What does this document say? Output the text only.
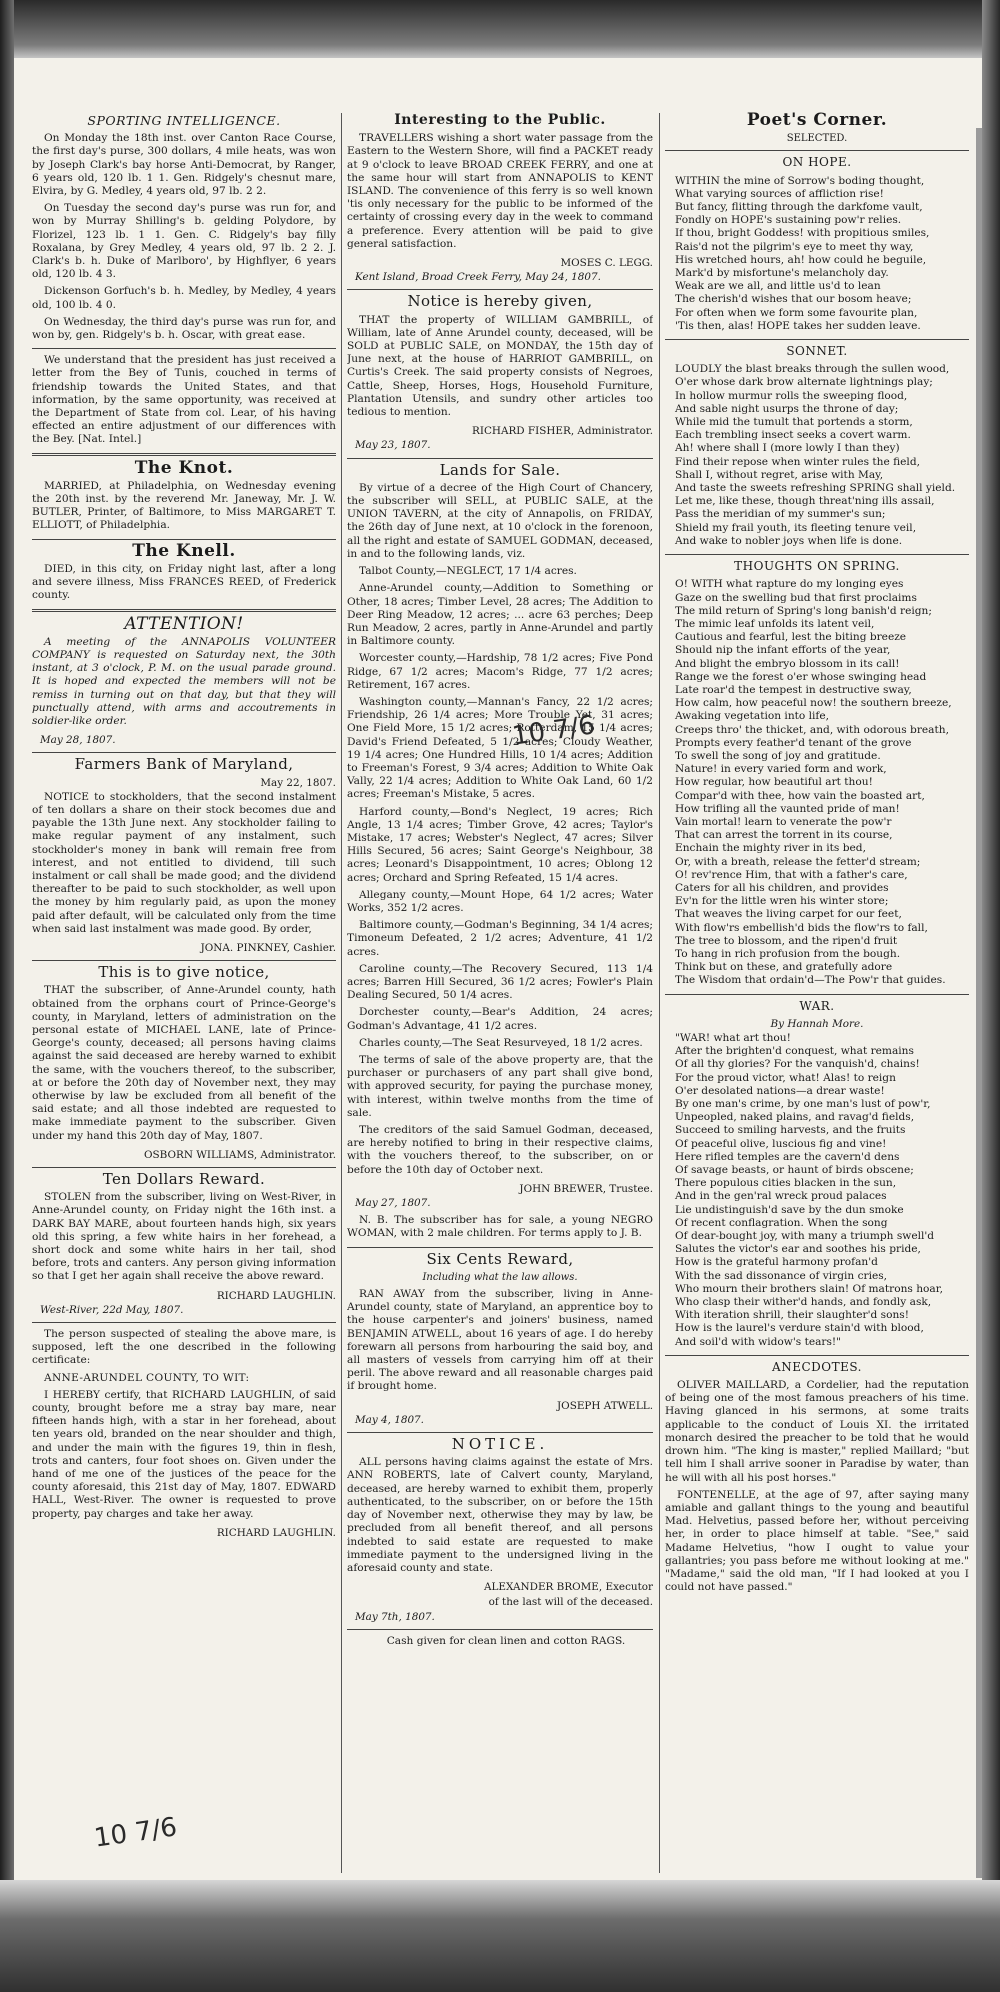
SPORTING INTELLIGENCE.

On Monday the 18th inst. over Canton Race Course, the first day's purse, 300 dollars, 4 mile heats, was won by Joseph Clark's bay horse Anti-Democrat, by Ranger, 6 years old, 120 lb. 1 1. Gen. Ridgely's chesnut mare, Elvira, by G. Medley, 4 years old, 97 lb. 2 2.

On Tuesday the second day's purse was run for, and won by Murray Shilling's b. gelding Polydore, by Florizel, 123 lb. 1 1. Gen. C. Ridgely's bay filly Roxalana, by Grey Medley, 4 years old, 97 lb. 2 2. J. Clark's b. h. Duke of Marlboro', by Highflyer, 6 years old, 120 lb. 4 3.

Dickenson Gorfuch's b. h. Medley, by Medley, 4 years old, 100 lb. 4 0.

On Wednesday, the third day's purse was run for, and won by, gen. Ridgely's b. h. Oscar, with great ease.

We understand that the president has just received a letter from the Bey of Tunis, couched in terms of friendship towards the United States, and that information, by the same opportunity, was received at the Department of State from col. Lear, of his having effected an entire adjustment of our differences with the Bey. [Nat. Intel.]

The Knot.

MARRIED, at Philadelphia, on Wednesday evening the 20th inst. by the reverend Mr. Janeway, Mr. J. W. BUTLER, Printer, of Baltimore, to Miss MARGARET T. ELLIOTT, of Philadelphia.

The Knell.

DIED, in this city, on Friday night last, after a long and severe illness, Miss FRANCES REED, of Frederick county.

ATTENTION!

A meeting of the ANNAPOLIS VOLUNTEER COMPANY is requested on Saturday next, the 30th instant, at 3 o'clock, P. M. on the usual parade ground. It is hoped and expected the members will not be remiss in turning out on that day, but that they will punctually attend, with arms and accoutrements in soldier-like order.

May 28, 1807.
Farmers Bank of Maryland,
May 22, 1807.

NOTICE to stockholders, that the second instalment of ten dollars a share on their stock becomes due and payable the 13th June next. Any stockholder failing to make regular payment of any instalment, such stockholder's money in bank will remain free from interest, and not entitled to dividend, till such instalment or call shall be made good; and the dividend thereafter to be paid to such stockholder, as well upon the money by him regularly paid, as upon the money paid after default, will be calculated only from the time when said last instalment was made good. By order,

JONA. PINKNEY, Cashier.
This is to give notice,

THAT the subscriber, of Anne-Arundel county, hath obtained from the orphans court of Prince-George's county, in Maryland, letters of administration on the personal estate of MICHAEL LANE, late of Prince-George's county, deceased; all persons having claims against the said deceased are hereby warned to exhibit the same, with the vouchers thereof, to the subscriber, at or before the 20th day of November next, they may otherwise by law be excluded from all benefit of the said estate; and all those indebted are requested to make immediate payment to the subscriber. Given under my hand this 20th day of May, 1807.

OSBORN WILLIAMS, Administrator.
Ten Dollars Reward.

STOLEN from the subscriber, living on West-River, in Anne-Arundel county, on Friday night the 16th inst. a DARK BAY MARE, about fourteen hands high, six years old this spring, a few white hairs in her forehead, a short dock and some white hairs in her tail, shod before, trots and canters. Any person giving information so that I get her again shall receive the above reward.

RICHARD LAUGHLIN.
West-River, 22d May, 1807.

The person suspected of stealing the above mare, is supposed, left the one described in the following certificate:

ANNE-ARUNDEL COUNTY, TO WIT:

I HEREBY certify, that RICHARD LAUGHLIN, of said county, brought before me a stray bay mare, near fifteen hands high, with a star in her forehead, about ten years old, branded on the near shoulder and thigh, and under the main with the figures 19, thin in flesh, trots and canters, four foot shoes on. Given under the hand of me one of the justices of the peace for the county aforesaid, this 21st day of May, 1807. EDWARD HALL, West-River. The owner is requested to prove property, pay charges and take her away.

RICHARD LAUGHLIN.
Interesting to the Public.

TRAVELLERS wishing a short water passage from the Eastern to the Western Shore, will find a PACKET ready at 9 o'clock to leave BROAD CREEK FERRY, and one at the same hour will start from ANNAPOLIS to KENT ISLAND. The convenience of this ferry is so well known 'tis only necessary for the public to be informed of the certainty of crossing every day in the week to command a preference. Every attention will be paid to give general satisfaction.

MOSES C. LEGG.
Kent Island, Broad Creek Ferry, May 24, 1807.
Notice is hereby given,

THAT the property of WILLIAM GAMBRILL, of William, late of Anne Arundel county, deceased, will be SOLD at PUBLIC SALE, on MONDAY, the 15th day of June next, at the house of HARRIOT GAMBRILL, on Curtis's Creek. The said property consists of Negroes, Cattle, Sheep, Horses, Hogs, Household Furniture, Plantation Utensils, and sundry other articles too tedious to mention.

RICHARD FISHER, Administrator.
May 23, 1807.
Lands for Sale.

By virtue of a decree of the High Court of Chancery, the subscriber will SELL, at PUBLIC SALE, at the UNION TAVERN, at the city of Annapolis, on FRIDAY, the 26th day of June next, at 10 o'clock in the forenoon, all the right and estate of SAMUEL GODMAN, deceased, in and to the following lands, viz.

Talbot County,—NEGLECT, 17 1/4 acres.

Anne-Arundel county,—Addition to Something or Other, 18 acres; Timber Level, 28 acres; The Addition to Deer Ring Meadow, 12 acres; ... acre 63 perches; Deep Run Meadow, 2 acres, partly in Anne-Arundel and partly in Baltimore county.

Worcester county,—Hardship, 78 1/2 acres; Five Pond Ridge, 67 1/2 acres; Macom's Ridge, 77 1/2 acres; Retirement, 167 acres.

Washington county,—Mannan's Fancy, 22 1/2 acres; Friendship, 26 1/4 acres; More Trouble Yet, 31 acres; One Field More, 15 1/2 acres; Rotterdam, 15 1/4 acres; David's Friend Defeated, 5 1/2 acres; Cloudy Weather, 19 1/4 acres; One Hundred Hills, 10 1/4 acres; Addition to Freeman's Forest, 9 3/4 acres; Addition to White Oak Vally, 22 1/4 acres; Addition to White Oak Land, 60 1/2 acres; Freeman's Mistake, 5 acres.

Harford county,—Bond's Neglect, 19 acres; Rich Angle, 13 1/4 acres; Timber Grove, 42 acres; Taylor's Mistake, 17 acres; Webster's Neglect, 47 acres; Silver Hills Secured, 56 acres; Saint George's Neighbour, 38 acres; Leonard's Disappointment, 10 acres; Oblong 12 acres; Orchard and Spring Refeated, 15 1/4 acres.

Allegany county,—Mount Hope, 64 1/2 acres; Water Works, 352 1/2 acres.

Baltimore county,—Godman's Beginning, 34 1/4 acres; Timoneum Defeated, 2 1/2 acres; Adventure, 41 1/2 acres.

Caroline county,—The Recovery Secured, 113 1/4 acres; Barren Hill Secured, 36 1/2 acres; Fowler's Plain Dealing Secured, 50 1/4 acres.

Dorchester county,—Bear's Addition, 24 acres; Godman's Advantage, 41 1/2 acres.

Charles county,—The Seat Resurveyed, 18 1/2 acres.

The terms of sale of the above property are, that the purchaser or purchasers of any part shall give bond, with approved security, for paying the purchase money, with interest, within twelve months from the time of sale.

The creditors of the said Samuel Godman, deceased, are hereby notified to bring in their respective claims, with the vouchers thereof, to the subscriber, on or before the 10th day of October next.

JOHN BREWER, Trustee.
May 27, 1807.

N. B. The subscriber has for sale, a young NEGRO WOMAN, with 2 male children. For terms apply to J. B.

Six Cents Reward,
Including what the law allows.

RAN AWAY from the subscriber, living in Anne-Arundel county, state of Maryland, an apprentice boy to the house carpenter's and joiners' business, named BENJAMIN ATWELL, about 16 years of age. I do hereby forewarn all persons from harbouring the said boy, and all masters of vessels from carrying him off at their peril. The above reward and all reasonable charges paid if brought home.

JOSEPH ATWELL.
May 4, 1807.
NOTICE.

ALL persons having claims against the estate of Mrs. ANN ROBERTS, late of Calvert county, Maryland, deceased, are hereby warned to exhibit them, properly authenticated, to the subscriber, on or before the 15th day of November next, otherwise they may by law, be precluded from all benefit thereof, and all persons indebted to said estate are requested to make immediate payment to the undersigned living in the aforesaid county and state.

ALEXANDER BROME, Executor
of the last will of the deceased.
May 7th, 1807.

Cash given for clean linen and cotton RAGS.

Poet's Corner.
SELECTED.
ON HOPE.

WITHIN the mine of Sorrow's boding thought,
What varying sources of affliction rise!
But fancy, flitting through the darkfome vault,
Fondly on HOPE's sustaining pow'r relies.
If thou, bright Goddess! with propitious smiles,
Rais'd not the pilgrim's eye to meet thy way,
His wretched hours, ah! how could he beguile,
Mark'd by misfortune's melancholy day.
Weak are we all, and little us'd to lean
The cherish'd wishes that our bosom heave;
For often when we form some favourite plan,
'Tis then, alas! HOPE takes her sudden leave.

SONNET.

LOUDLY the blast breaks through the sullen wood,
O'er whose dark brow alternate lightnings play;
In hollow murmur rolls the sweeping flood,
And sable night usurps the throne of day;
While mid the tumult that portends a storm,
Each trembling insect seeks a covert warm.
Ah! where shall I (more lowly I than they)
Find their repose when winter rules the field,
Shall I, without regret, arise with May,
And taste the sweets refreshing SPRING shall yield.
Let me, like these, though threat'ning ills assail,
Pass the meridian of my summer's sun;
Shield my frail youth, its fleeting tenure veil,
And wake to nobler joys when life is done.

THOUGHTS ON SPRING.

O! WITH what rapture do my longing eyes
Gaze on the swelling bud that first proclaims
The mild return of Spring's long banish'd reign;
The mimic leaf unfolds its latent veil,
Cautious and fearful, lest the biting breeze
Should nip the infant efforts of the year,
And blight the embryo blossom in its call!
Range we the forest o'er whose swinging head
Late roar'd the tempest in destructive sway,
How calm, how peaceful now! the southern breeze,
Awaking vegetation into life,
Creeps thro' the thicket, and, with odorous breath,
Prompts every feather'd tenant of the grove
To swell the song of joy and gratitude.
Nature! in every varied form and work,
How regular, how beautiful art thou!
Compar'd with thee, how vain the boasted art,
How trifling all the vaunted pride of man!
Vain mortal! learn to venerate the pow'r
That can arrest the torrent in its course,
Enchain the mighty river in its bed,
Or, with a breath, release the fetter'd stream;
O! rev'rence Him, that with a father's care,
Caters for all his children, and provides
Ev'n for the little wren his winter store;
That weaves the living carpet for our feet,
With flow'rs embellish'd bids the flow'rs to fall,
The tree to blossom, and the ripen'd fruit
To hang in rich profusion from the bough.
Think but on these, and gratefully adore
The Wisdom that ordain'd—The Pow'r that guides.

WAR.
By Hannah More.

"WAR! what art thou!
After the brighten'd conquest, what remains
Of all thy glories? For the vanquish'd, chains!
For the proud victor, what! Alas! to reign
O'er desolated nations—a drear waste!
By one man's crime, by one man's lust of pow'r,
Unpeopled, naked plains, and ravag'd fields,
Succeed to smiling harvests, and the fruits
Of peaceful olive, luscious fig and vine!
Here rifled temples are the cavern'd dens
Of savage beasts, or haunt of birds obscene;
There populous cities blacken in the sun,
And in the gen'ral wreck proud palaces
Lie undistinguish'd save by the dun smoke
Of recent conflagration. When the song
Of dear-bought joy, with many a triumph swell'd
Salutes the victor's ear and soothes his pride,
How is the grateful harmony profan'd
With the sad dissonance of virgin cries,
Who mourn their brothers slain! Of matrons hoar,
Who clasp their wither'd hands, and fondly ask,
With iteration shrill, their slaughter'd sons!
How is the laurel's verdure stain'd with blood,
And soil'd with widow's tears!"

ANECDOTES.

OLIVER MAILLARD, a Cordelier, had the reputation of being one of the most famous preachers of his time. Having glanced in his sermons, at some traits applicable to the conduct of Louis XI. the irritated monarch desired the preacher to be told that he would drown him. "The king is master," replied Maillard; "but tell him I shall arrive sooner in Paradise by water, than he will with all his post horses."

FONTENELLE, at the age of 97, after saying many amiable and gallant things to the young and beautiful Mad. Helvetius, passed before her, without perceiving her, in order to place himself at table. "See," said Madame Helvetius, "how I ought to value your gallantries; you pass before me without looking at me." "Madame," said the old man, "If I had looked at you I could not have passed."

10 7/6
10 7/6
